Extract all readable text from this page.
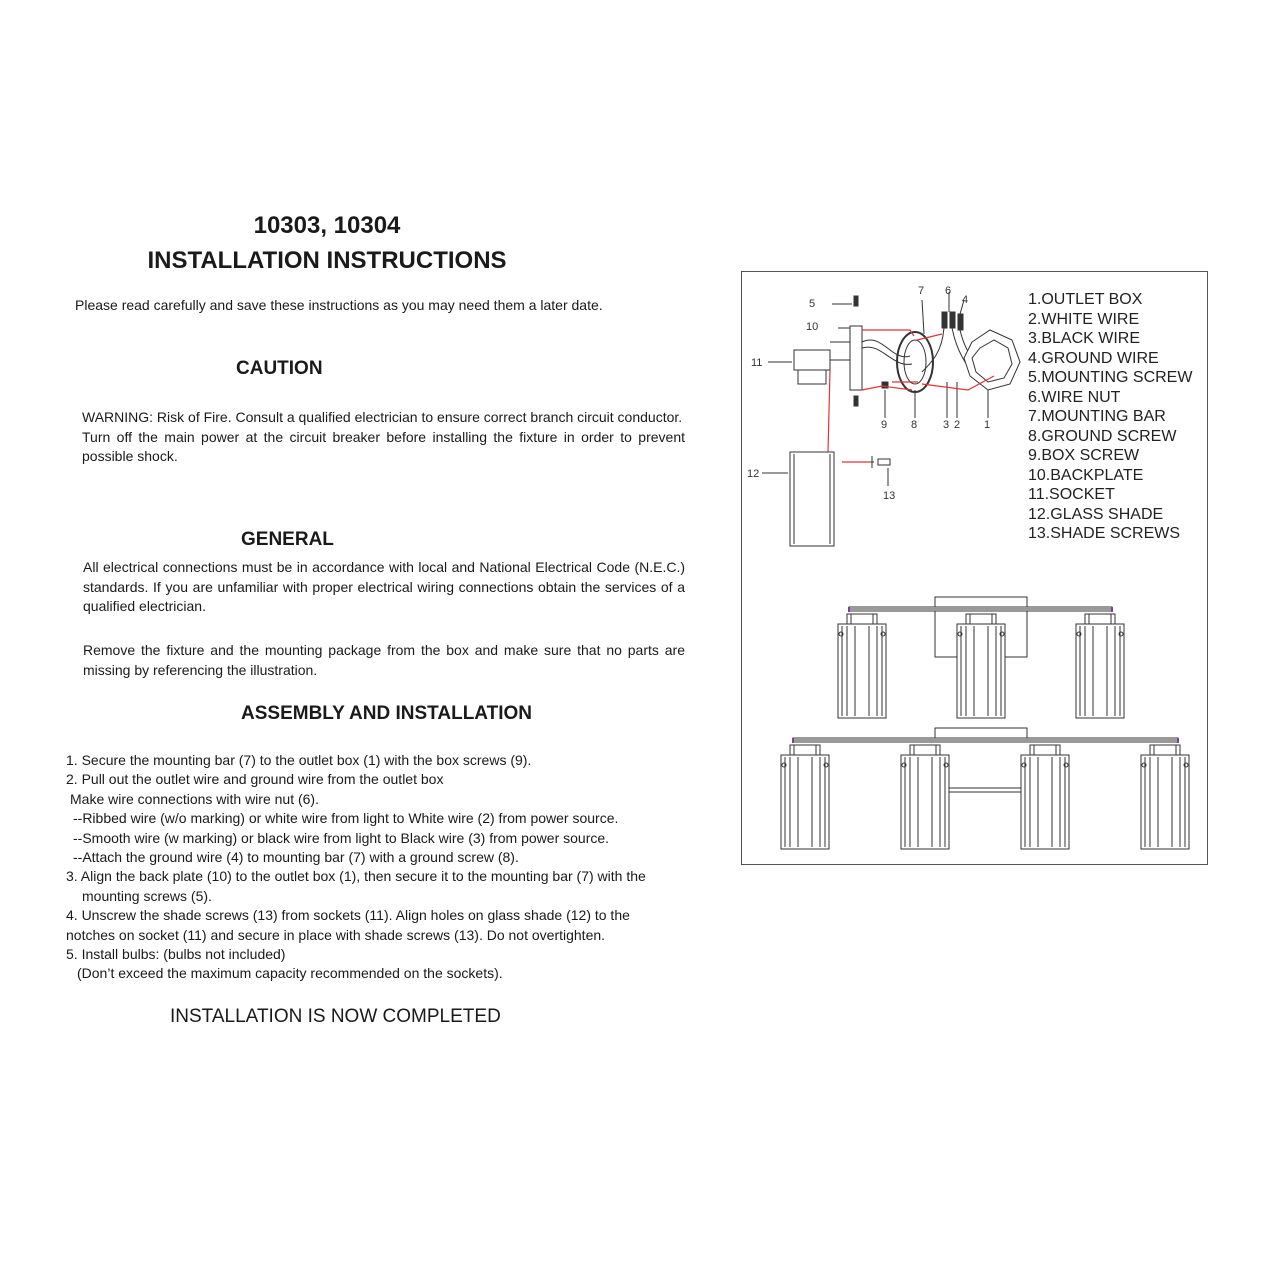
10303, 10304
INSTALLATION INSTRUCTIONS
Please read carefully and save these instructions as you may need them a later date.
CAUTION
WARNING: Risk of Fire. Consult a qualified electrician to ensure correct branch circuit conductor.
Turn off the main power at the circuit breaker before installing the fixture in order to prevent possible shock.
GENERAL
All electrical connections must be in accordance with local and National Electrical Code (N.E.C.) standards. If you are unfamiliar with proper electrical wiring connections obtain the services of a qualified electrician.
Remove the fixture and the mounting package from the box and make sure that no parts are missing by referencing the illustration.
ASSEMBLY AND INSTALLATION
1. Secure the mounting bar (7) to the outlet box (1) with the box screws (9).
2. Pull out the outlet wire and ground wire from the outlet box
Make wire connections with wire nut (6).
--Ribbed wire (w/o marking) or white wire from light to White wire (2) from power source.
--Smooth wire (w marking) or black wire from light to Black wire (3) from power source.
--Attach the ground wire (4) to mounting bar (7) with a ground screw (8).
3. Align the back plate (10) to the outlet box (1), then secure it to the mounting bar (7) with the
mounting screws (5).
4. Unscrew the shade screws (13) from sockets (11). Align holes on glass shade (12) to the
notches on socket (11) and secure in place with shade screws (13). Do not overtighten.
5. Install bulbs: (bulbs not included)
(Don’t exceed the maximum capacity recommended on the sockets).
INSTALLATION IS NOW COMPLETED
5
10
11
12
13
7 6
4
9 8 3 2 1
1.OUTLET BOX
2.WHITE WIRE
3.BLACK WIRE
4.GROUND WIRE
5.MOUNTING SCREW
6.WIRE NUT
7.MOUNTING BAR
8.GROUND SCREW
9.BOX SCREW
10.BACKPLATE
11.SOCKET
12.GLASS SHADE
13.SHADE SCREWS
